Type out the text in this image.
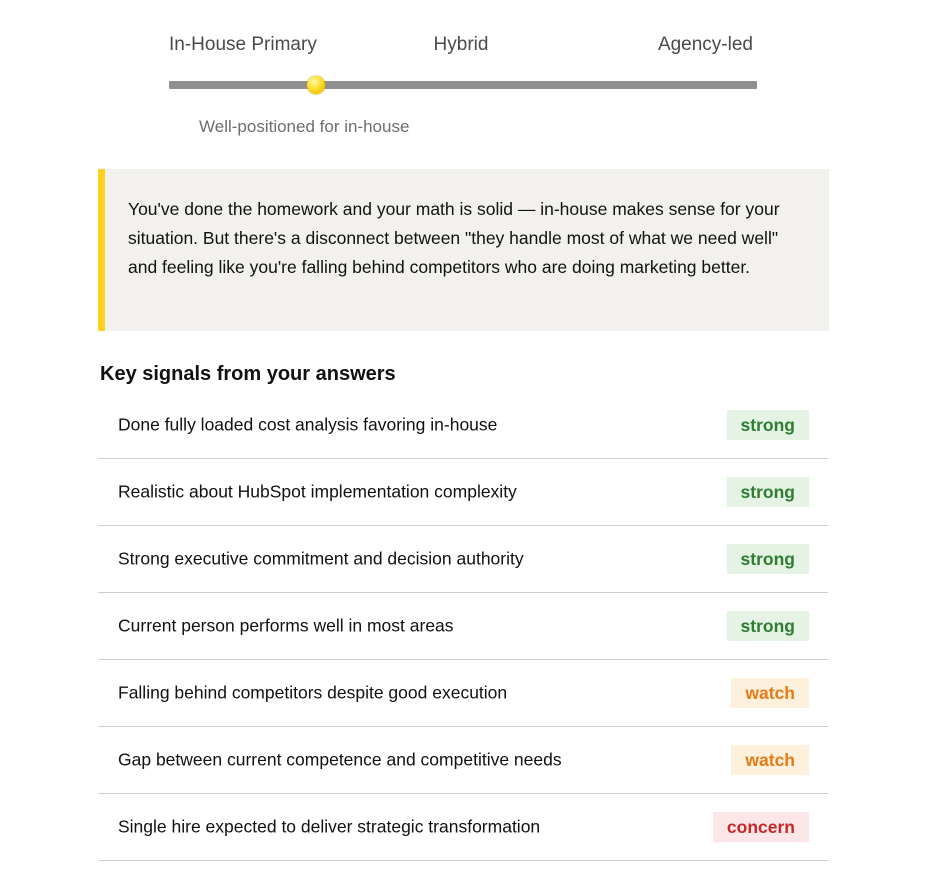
In-House Primary	Hybrid	Agency-led
Well-positioned for in-house

You've done the homework and your math is solid — in-house makes sense for your situation. But there's a disconnect between "they handle most of what we need well" and feeling like you're falling behind competitors who are doing marketing better.

Key signals from your answers
Done fully loaded cost analysis favoring in-house	strong
Realistic about HubSpot implementation complexity	strong
Strong executive commitment and decision authority	strong
Current person performs well in most areas	strong
Falling behind competitors despite good execution	watch
Gap between current competence and competitive needs	watch
Single hire expected to deliver strategic transformation	concern
